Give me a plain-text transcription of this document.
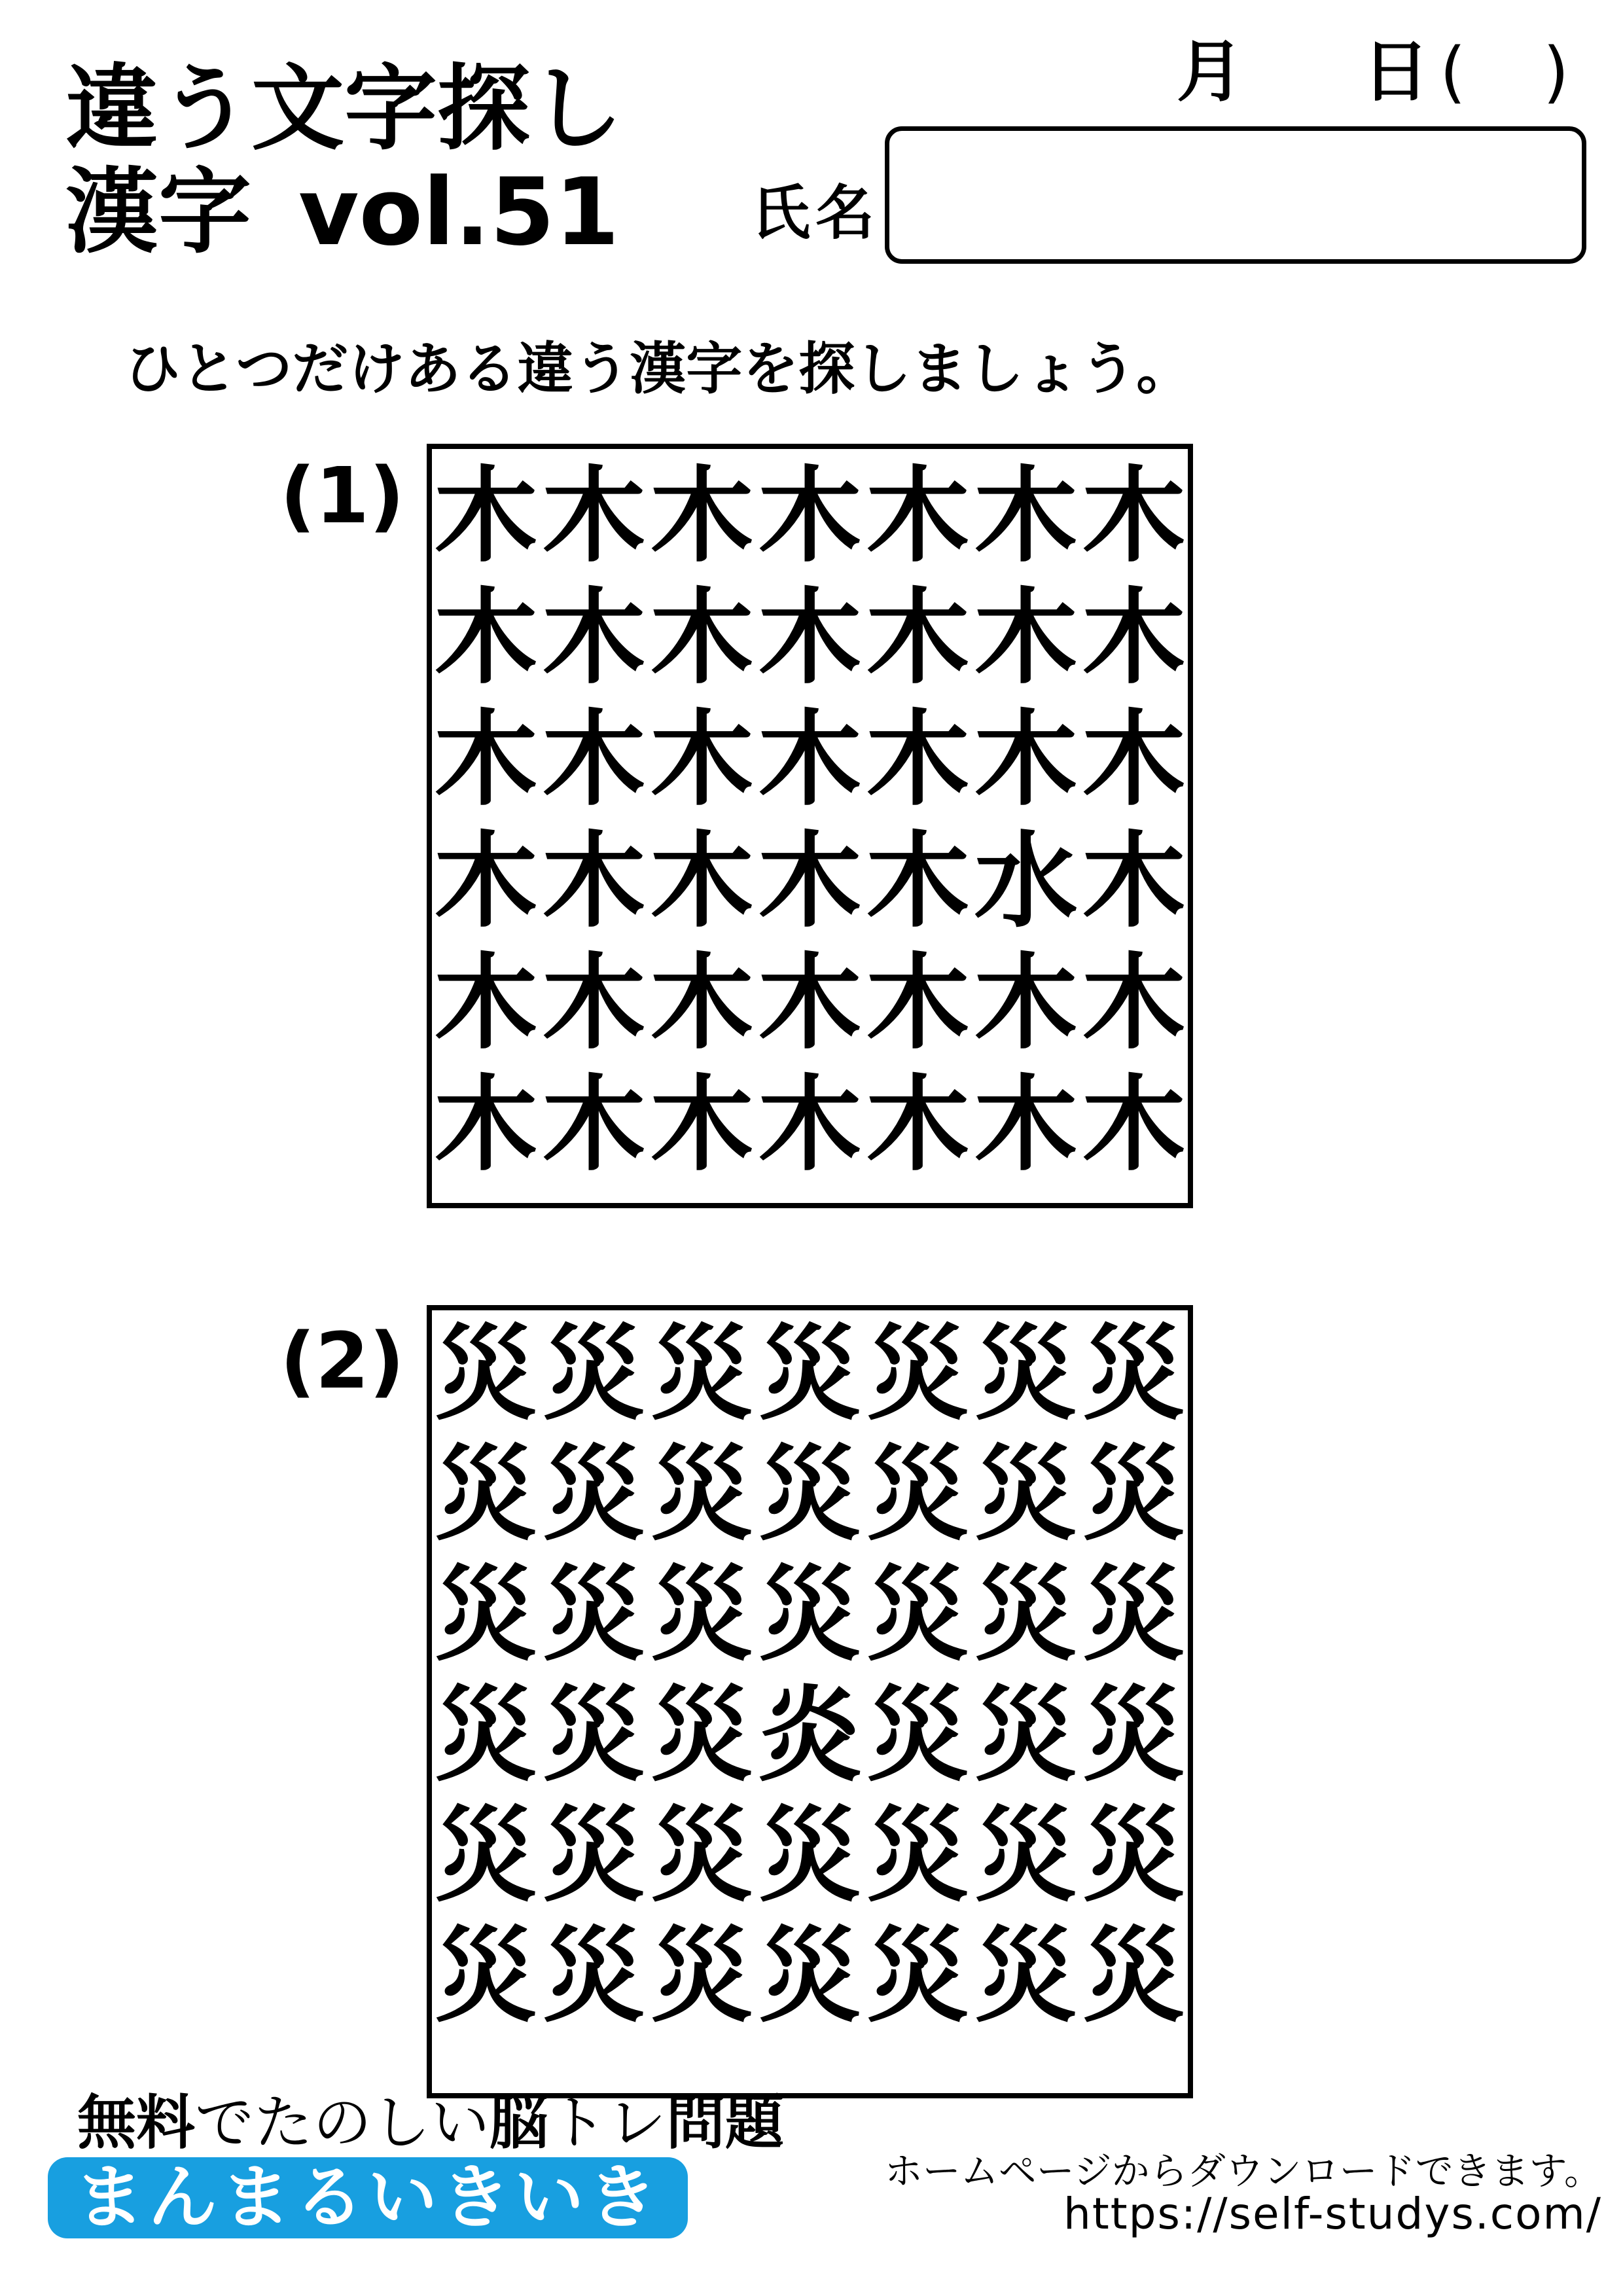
違う文字探し
漢字 vol.51
月 日 ( )
氏名
ひとつだけある違う漢字を探しましょう。
(1) 木 木 木 木 木 木 木
木 木 木 木 木 木 木
木 木 木 木 木 木 木
木 木 木 木 木 水 木
木 木 木 木 木 木 木
木 木 木 木 木 木 木
(2) 災 災 災 災 災 災 災
災 災 災 災 災 災 災
災 災 災 災 災 災 災
災 災 災 炎 災 災 災
災 災 災 災 災 災 災
災 災 災 災 災 災 災
無料でたのしい脳トレ問題
まんまるいきいき	ホームページからダウンロードできます。
https://self-studys.com/
